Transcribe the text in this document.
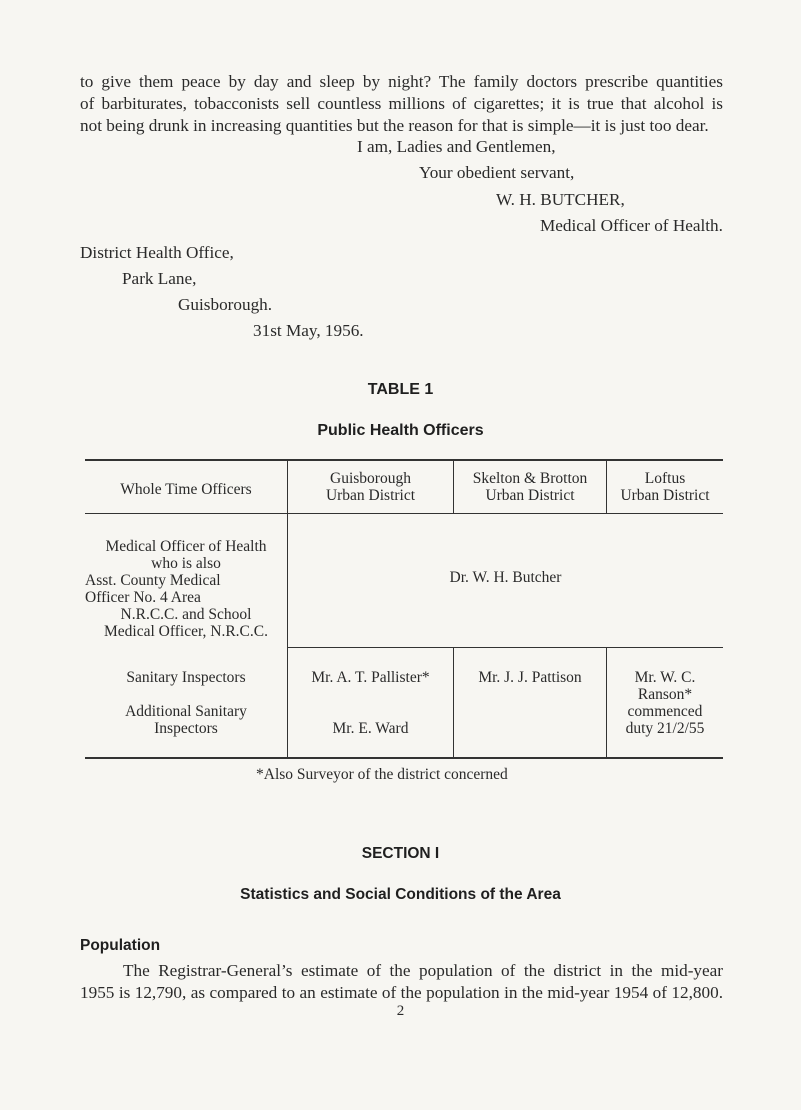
to give them peace by day and sleep by night? The family doctors prescribe quantities
of barbiturates, tobacconists sell countless millions of cigarettes; it is true that alcohol is
not being drunk in increasing quantities but the reason for that is simple—it is just too dear.
I am, Ladies and Gentlemen,
Your obedient servant,
W. H. BUTCHER,
Medical Officer of Health.
District Health Office,
Park Lane,
Guisborough.
31st May, 1956.
TABLE 1
Public Health Officers
Whole Time Officers
Guisborough
Urban District
Skelton & Brotton
Urban District
Loftus
Urban District
Medical Officer of Health
who is also
Asst. County Medical
Officer No. 4 Area
N.R.C.C. and School
Medical Officer, N.R.C.C.
Dr. W. H. Butcher
Sanitary Inspectors
Additional Sanitary
Inspectors
Mr. A. T. Pallister*
Mr. E. Ward
Mr. J. J. Pattison	Mr. W. C.
Ranson*
commenced
duty 21/2/55
*Also Surveyor of the district concerned
SECTION I
Statistics and Social Conditions of the Area
Population
The Registrar-General’s estimate of the population of the district in the mid-year
1955 is 12,790, as compared to an estimate of the population in the mid-year 1954 of 12,800.
2
